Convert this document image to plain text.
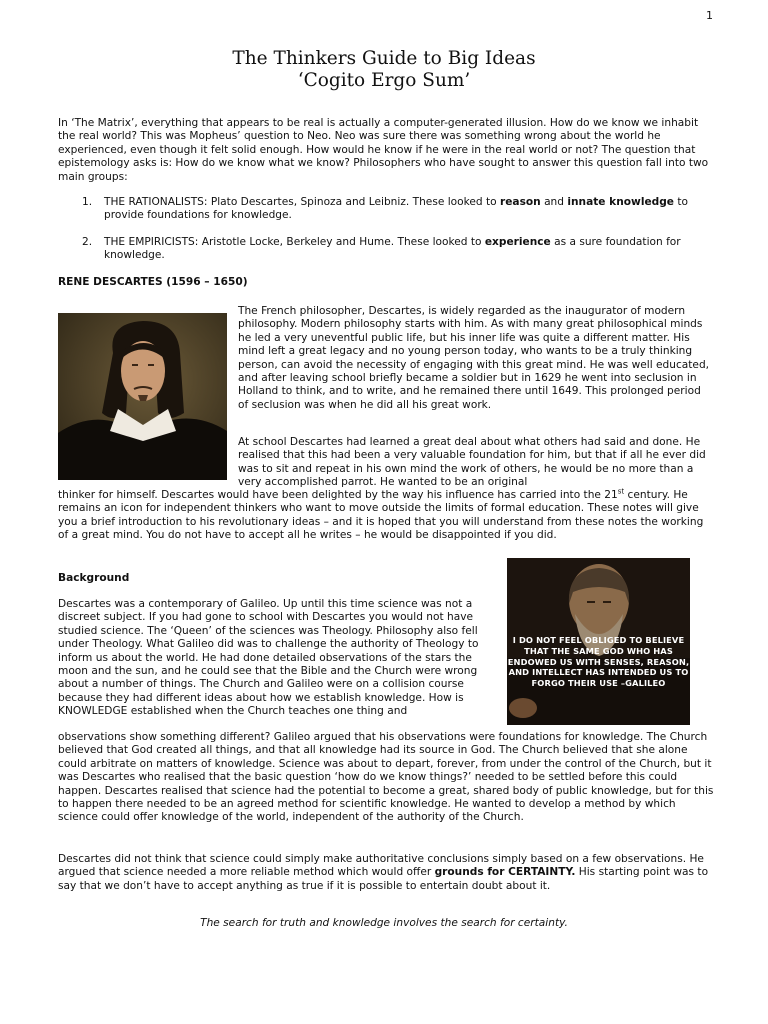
1
The Thinkers Guide to Big Ideas
‘Cogito Ergo Sum’

In ‘The Matrix’, everything that appears to be real is actually a computer-generated illusion. How do we know we inhabit the real world? This was Mopheus’ question to Neo. Neo was sure there was something wrong about the world he experienced, even though it felt solid enough. How would he know if he were in the real world or not? The question that epistemology asks is: How do we know what we know? Philosophers who have sought to answer this question fall into two main groups:

1. THE RATIONALISTS: Plato Descartes, Spinoza and Leibniz. These looked to reason and innate knowledge to provide foundations for knowledge.
2. THE EMPIRICISTS: Aristotle Locke, Berkeley and Hume. These looked to experience as a sure foundation for knowledge.
RENE DESCARTES (1596 – 1650)

The French philosopher, Descartes, is widely regarded as the inaugurator of modern philosophy. Modern philosophy starts with him. As with many great philosophical minds he led a very uneventful public life, but his inner life was quite a different matter. His mind left a great legacy and no young person today, who wants to be a truly thinking person, can avoid the necessity of engaging with this great mind. He was well educated, and after leaving school briefly became a soldier but in 1629 he went into seclusion in Holland to think, and to write, and he remained there until 1649. This prolonged period of seclusion was when he did all his great work.

At school Descartes had learned a great deal about what others had said and done. He realised that this had been a very valuable foundation for him, but that if all he ever did was to sit and repeat in his own mind the work of others, he would be no more than a very accomplished parrot. He wanted to be an original

thinker for himself. Descartes would have been delighted by the way his influence has carried into the 21st century. He remains an icon for independent thinkers who want to move outside the limits of formal education. These notes will give you a brief introduction to his revolutionary ideas – and it is hoped that you will understand from these notes the working of a great mind. You do not have to accept all he writes – he would be disappointed if you did.

Background
I DO NOT FEEL OBLIGED TO BELIEVE THAT THE SAME GOD WHO HAS ENDOWED US WITH SENSES, REASON, AND INTELLECT HAS INTENDED US TO FORGO THEIR USE –GALILEO

Descartes was a contemporary of Galileo. Up until this time science was not a discreet subject. If you had gone to school with Descartes you would not have studied science. The ‘Queen’ of the sciences was Theology. Philosophy also fell under Theology. What Galileo did was to challenge the authority of Theology to inform us about the world. He had done detailed observations of the stars the moon and the sun, and he could see that the Bible and the Church were wrong about a number of things. The Church and Galileo were on a collision course because they had different ideas about how we establish knowledge. How is KNOWLEDGE established when the Church teaches one thing and

observations show something different? Galileo argued that his observations were foundations for knowledge. The Church believed that God created all things, and that all knowledge had its source in God. The Church believed that she alone could arbitrate on matters of knowledge. Science was about to depart, forever, from under the control of the Church, but it was Descartes who realised that the basic question ‘how do we know things?’ needed to be settled before this could happen. Descartes realised that science had the potential to become a great, shared body of public knowledge, but for this to happen there needed to be an agreed method for scientific knowledge. He wanted to develop a method by which science could offer knowledge of the world, independent of the authority of the Church.

Descartes did not think that science could simply make authoritative conclusions simply based on a few observations. He argued that science needed a more reliable method which would offer grounds for CERTAINTY. His starting point was to say that we don’t have to accept anything as true if it is possible to entertain doubt about it.

The search for truth and knowledge involves the search for certainty.
